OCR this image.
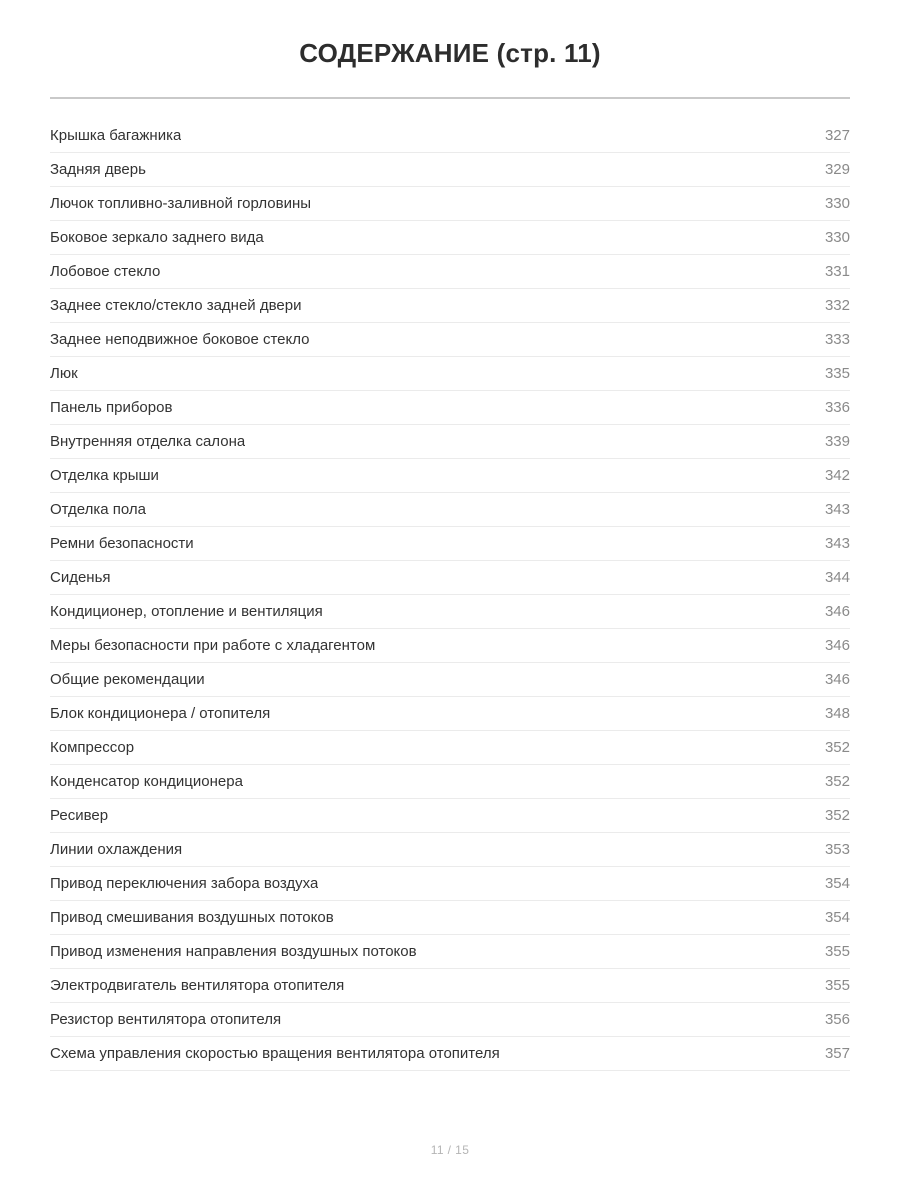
СОДЕРЖАНИЕ (стр. 11)
Крышка багажника	327
Задняя дверь	329
Лючок топливно-заливной горловины	330
Боковое зеркало заднего вида	330
Лобовое стекло	331
Заднее стекло/стекло задней двери	332
Заднее неподвижное боковое стекло	333
Люк	335
Панель приборов	336
Внутренняя отделка салона	339
Отделка крыши	342
Отделка пола	343
Ремни безопасности	343
Сиденья	344
Кондиционер, отопление и вентиляция	346
Меры безопасности при работе с хладагентом	346
Общие рекомендации	346
Блок кондиционера / отопителя	348
Компрессор	352
Конденсатор кондиционера	352
Ресивер	352
Линии охлаждения	353
Привод переключения забора воздуха	354
Привод смешивания воздушных потоков	354
Привод изменения направления воздушных потоков	355
Электродвигатель вентилятора отопителя	355
Резистор вентилятора отопителя	356
Схема управления скоростью вращения вентилятора отопителя	357
11 / 15
